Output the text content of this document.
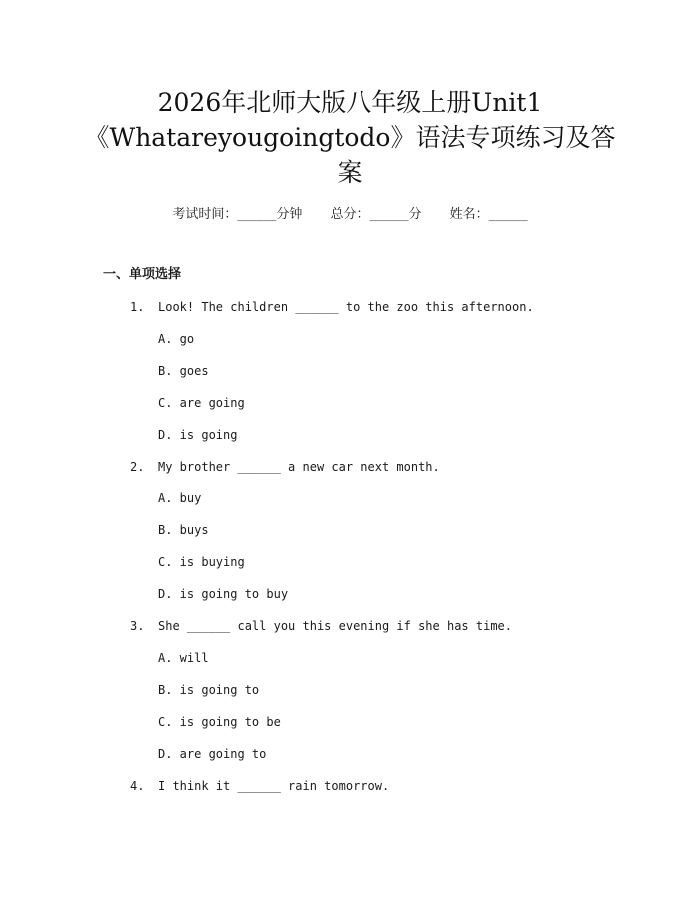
2026年北师大版八年级上册Unit1
《Whatareyougoingtodo》语法专项练习及答
案
考试时间：______分钟 总分：______分 姓名：______
一、单项选择
1. Look! The children ______ to the zoo this afternoon.
A. go
B. goes
C. are going
D. is going
2. My brother ______ a new car next month.
A. buy
B. buys
C. is buying
D. is going to buy
3. She ______ call you this evening if she has time.
A. will
B. is going to
C. is going to be
D. are going to
4. I think it ______ rain tomorrow.
